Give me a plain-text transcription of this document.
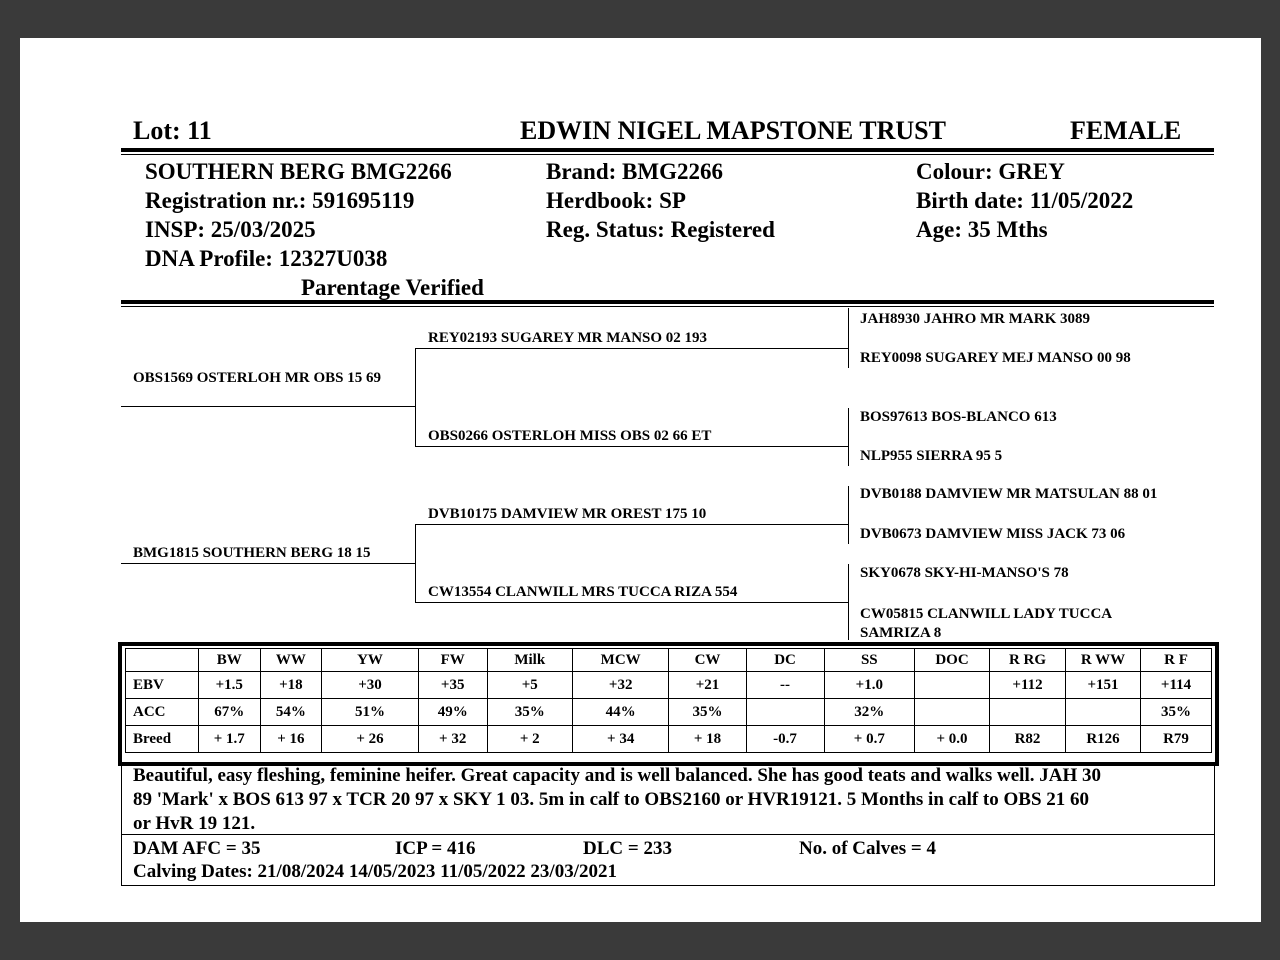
Lot: 11	EDWIN NIGEL MAPSTONE TRUST	FEMALE
SOUTHERN BERG BMG2266
Registration nr.: 591695119
INSP: 25/03/2025
DNA Profile: 12327U038
Parentage Verified
Brand: BMG2266
Herdbook: SP
Reg. Status: Registered
Colour: GREY
Birth date: 11/05/2022
Age: 35 Mths
OBS1569 OSTERLOH MR OBS 15 69
BMG1815 SOUTHERN BERG 18 15
REY02193 SUGAREY MR MANSO 02 193
OBS0266 OSTERLOH MISS OBS 02 66 ET
DVB10175 DAMVIEW MR OREST 175 10
CW13554 CLANWILL MRS TUCCA RIZA 554
JAH8930 JAHRO MR MARK 3089
REY0098 SUGAREY MEJ MANSO 00 98
BOS97613 BOS-BLANCO 613
NLP955 SIERRA 95 5
DVB0188 DAMVIEW MR MATSULAN 88 01
DVB0673 DAMVIEW MISS JACK 73 06
SKY0678 SKY-HI-MANSO'S 78
CW05815 CLANWILL LADY TUCCA SAMRIZA 8
	BW	WW	YW	FW	Milk	MCW	CW	DC	SS	DOC	R RG	R WW	R F
EBV	+1.5	+18	+30	+35	+5	+32	+21	--	+1.0		+112	+151	+114
ACC	67%	54%	51%	49%	35%	44%	35%		32%				35%
Breed	+ 1.7	+ 16	+ 26	+ 32	+ 2	+ 34	+ 18	-0.7	+ 0.7	+ 0.0	R82	R126	R79
Beautiful, easy fleshing, feminine heifer. Great capacity and is well balanced. She has good teats and walks well. JAH 30
89 'Mark' x BOS 613 97 x TCR 20 97 x SKY 1 03. 5m in calf to OBS2160 or HVR19121. 5 Months in calf to OBS 21 60
or HvR 19 121.
DAM AFC = 35	ICP = 416	DLC = 233	No. of Calves = 4
Calving Dates: 21/08/2024 14/05/2023 11/05/2022 23/03/2021
